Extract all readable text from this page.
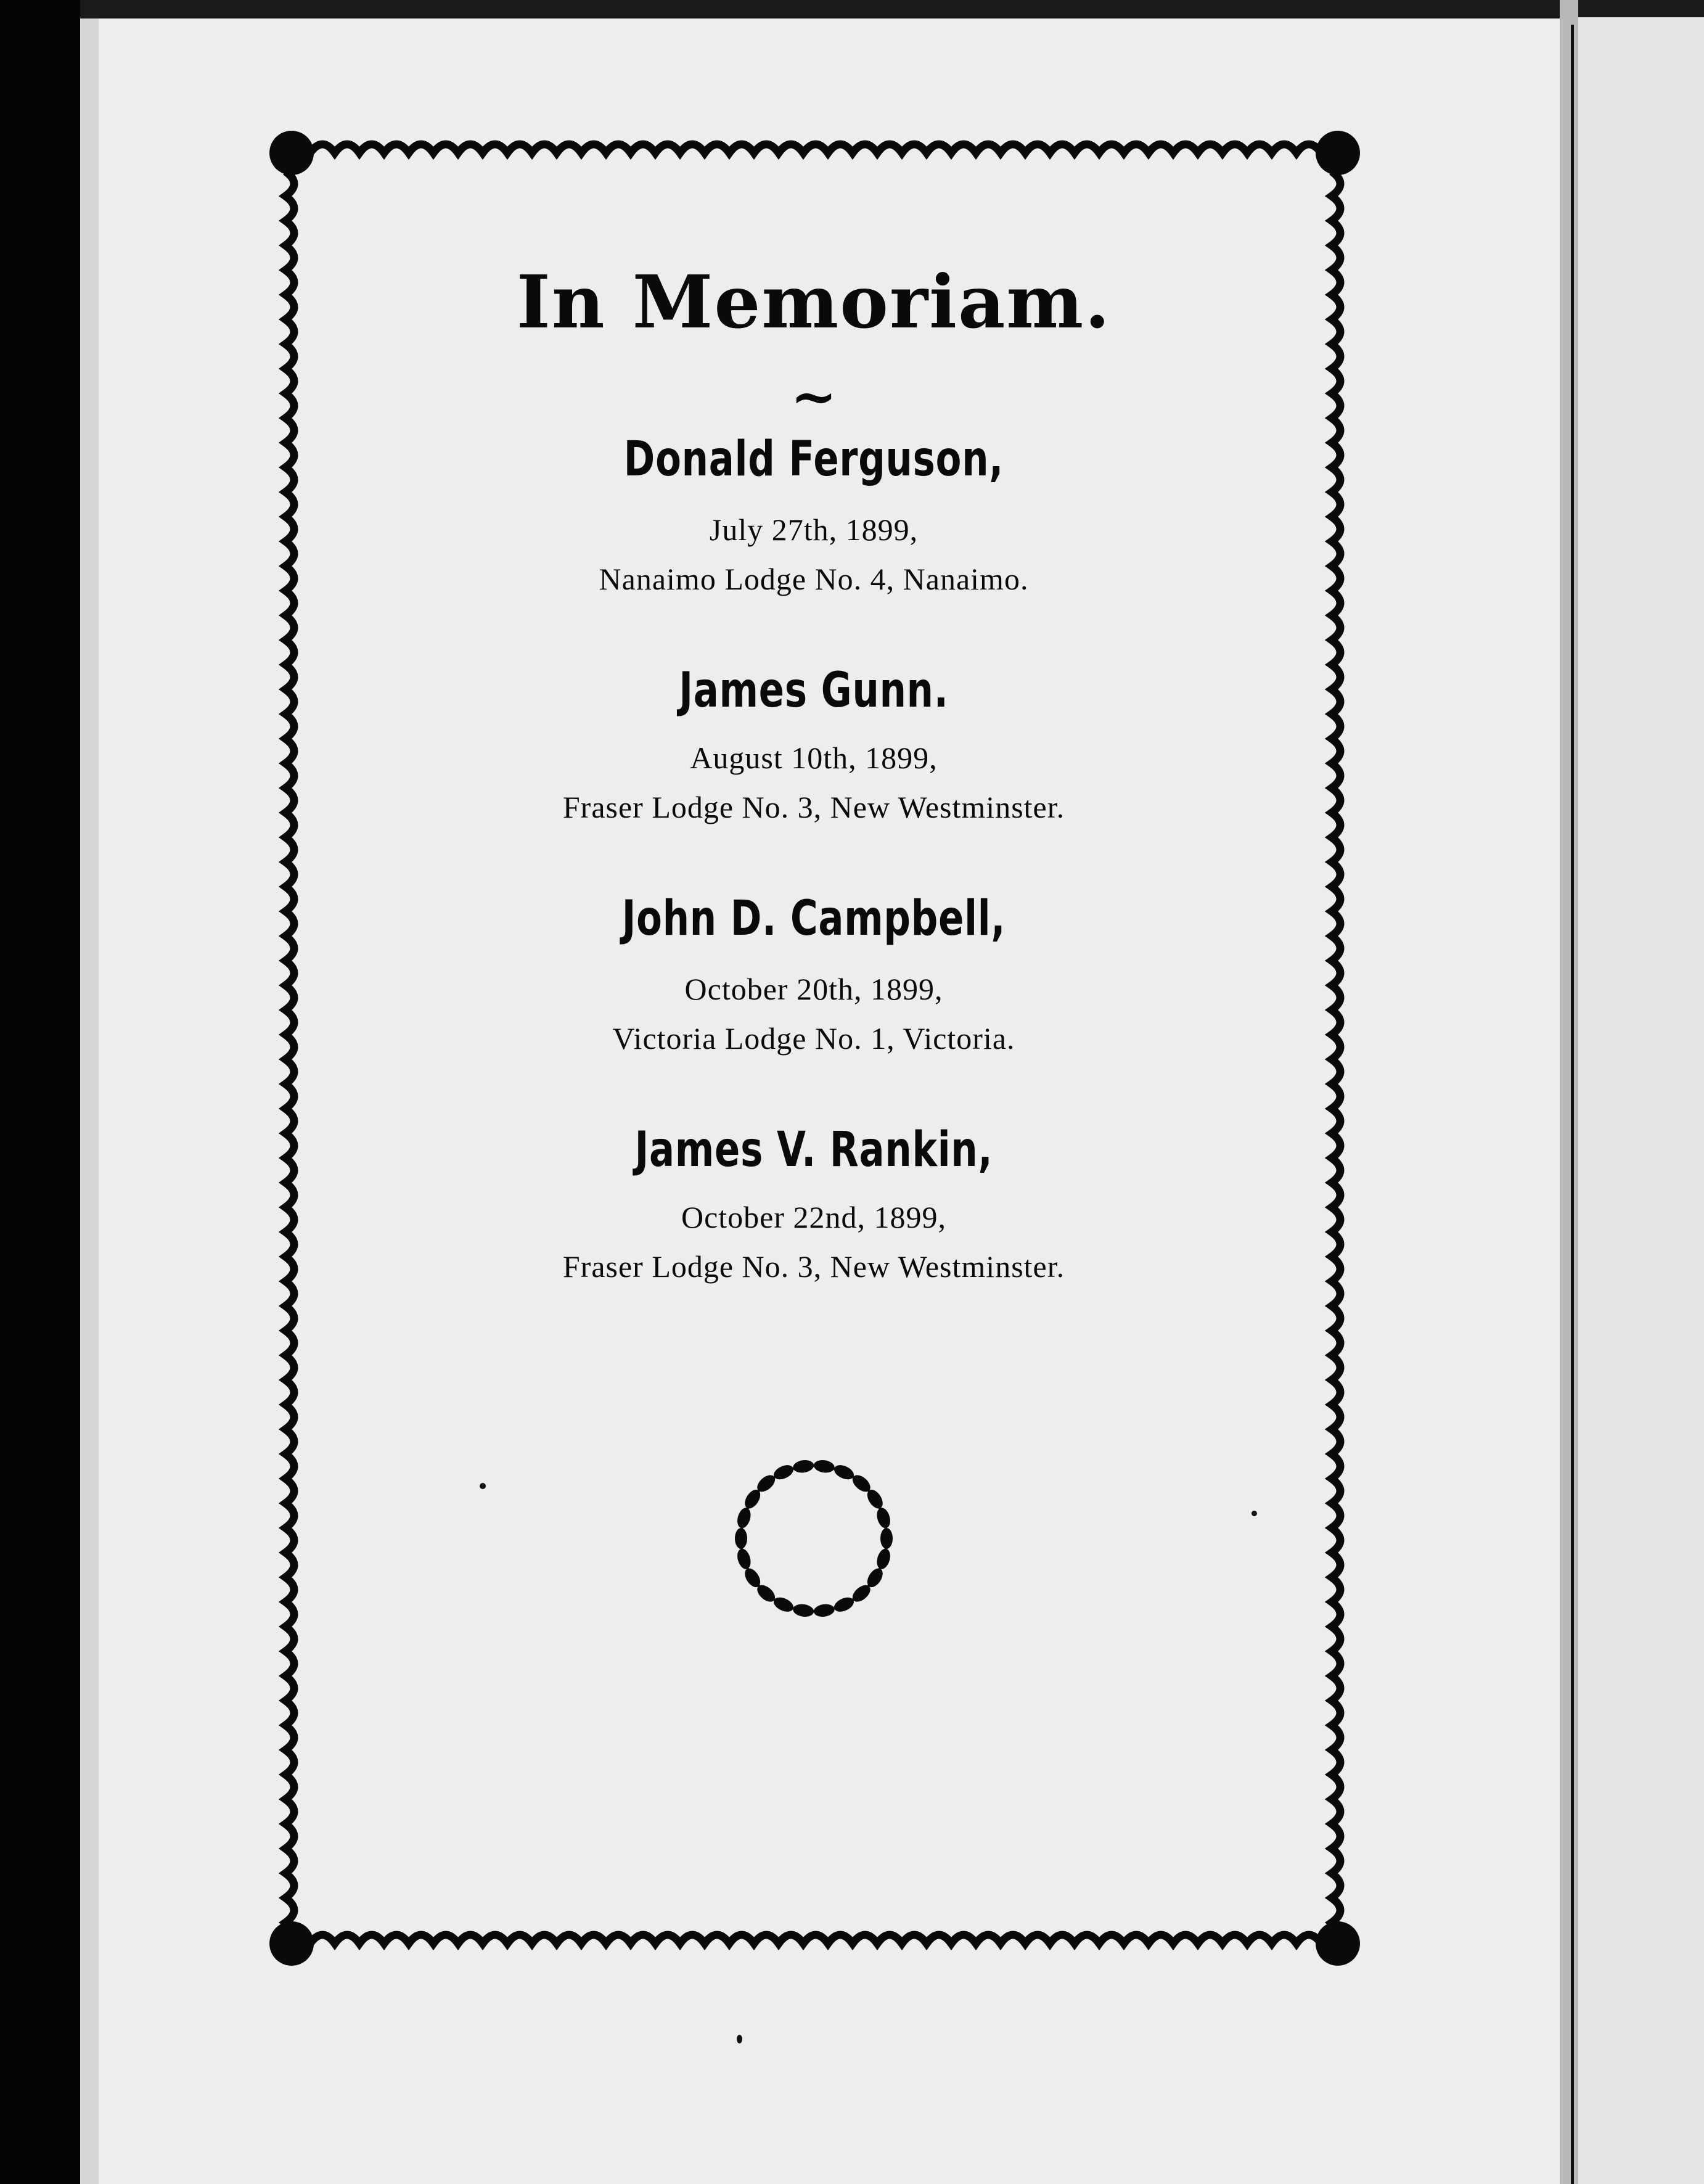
In Memoriam.
~
Donald Ferguson,
July 27th, 1899,
Nanaimo Lodge No. 4, Nanaimo.
James Gunn.
August 10th, 1899,
Fraser Lodge No. 3, New Westminster.
John D. Campbell,
October 20th, 1899,
Victoria Lodge No. 1, Victoria.
James V. Rankin,
October 22nd, 1899,
Fraser Lodge No. 3, New Westminster.
